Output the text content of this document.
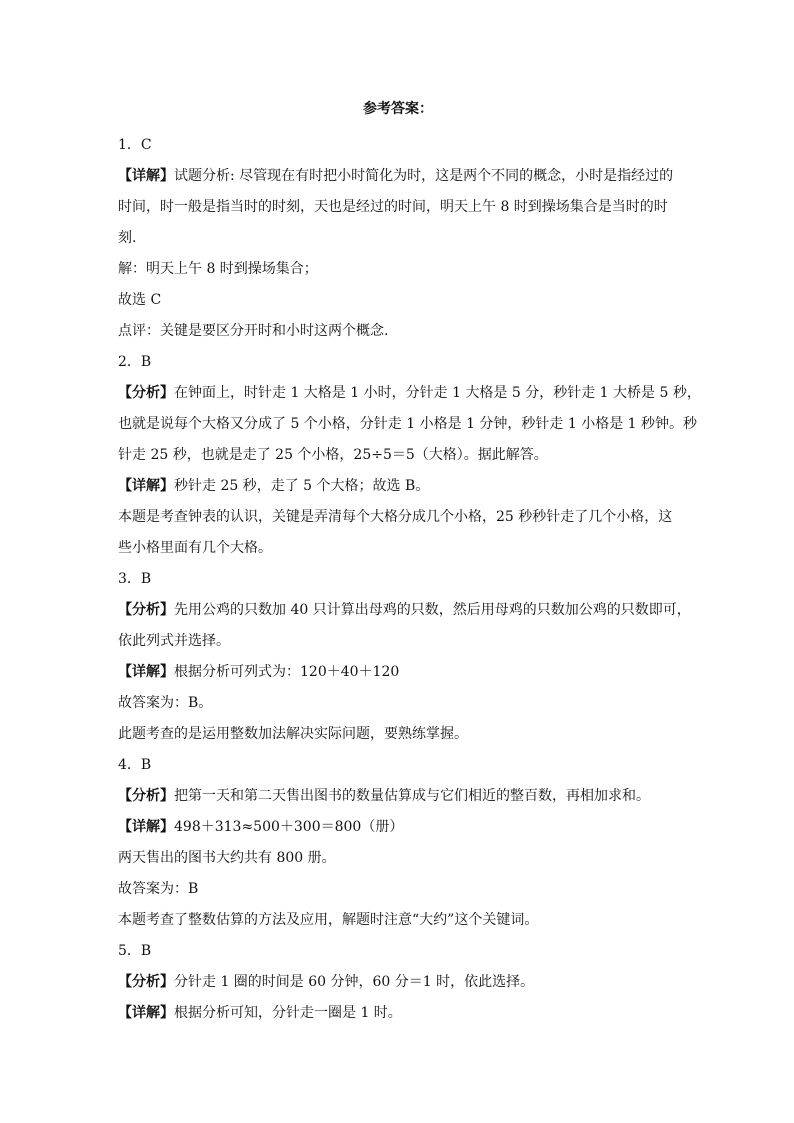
参考答案：
1．C
【详解】试题分析: 尽管现在有时把小时简化为时，这是两个不同的概念，小时是指经过的
时间，时一般是指当时的时刻，天也是经过的时间，明天上午 8 时到操场集合是当时的时
刻.
解：明天上午 8 时到操场集合；
故选 C
点评：关键是要区分开时和小时这两个概念.
2．B
【分析】在钟面上，时针走 1 大格是 1 小时，分针走 1 大格是 5 分，秒针走 1 大桥是 5 秒，
也就是说每个大格又分成了 5 个小格，分针走 1 小格是 1 分钟，秒针走 1 小格是 1 秒钟。秒
针走 25 秒，也就是走了 25 个小格，25÷5＝5（大格）。据此解答。
【详解】秒针走 25 秒，走了 5 个大格；故选 B。
本题是考查钟表的认识，关键是弄清每个大格分成几个小格，25 秒秒针走了几个小格，这
些小格里面有几个大格。
3．B
【分析】先用公鸡的只数加 40 只计算出母鸡的只数，然后用母鸡的只数加公鸡的只数即可，
依此列式并选择。
【详解】根据分析可列式为：120＋40＋120
故答案为：B。
此题考查的是运用整数加法解决实际问题，要熟练掌握。
4．B
【分析】把第一天和第二天售出图书的数量估算成与它们相近的整百数，再相加求和。
【详解】498＋313≈500＋300＝800（册）
两天售出的图书大约共有 800 册。
故答案为：B
本题考查了整数估算的方法及应用，解题时注意“大约”这个关键词。
5．B
【分析】分针走 1 圈的时间是 60 分钟，60 分＝1 时，依此选择。
【详解】根据分析可知，分针走一圈是 1 时。
